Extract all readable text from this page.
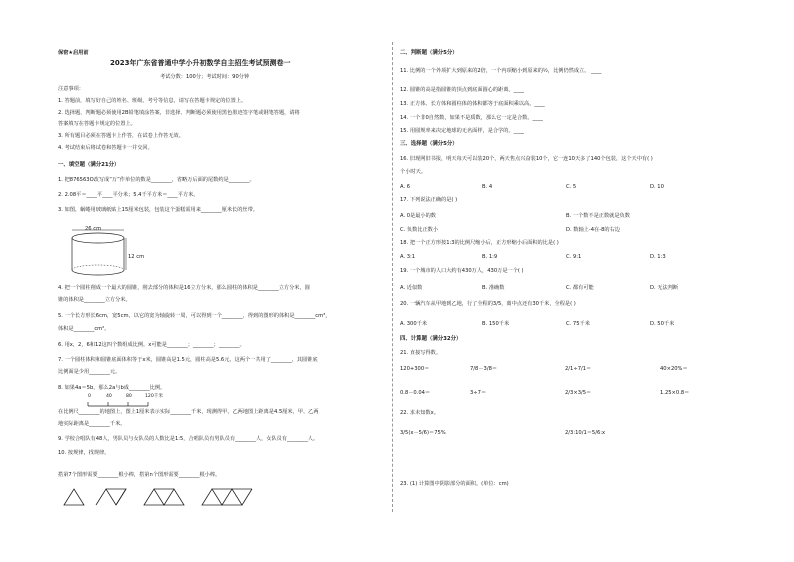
保密★启用前
2023年广东省普通中学小升初数学自主招生考试预测卷一
考试分数：100分；考试时间：90分钟
注意事项：
1. 答题前，填写好自己的姓名、班级、考号等信息，请写在答题卡规定的位置上。
2. 选择题、判断题必须使用2B铅笔填涂答案，非选择、判断题必须使用黑色墨迹签字笔或钢笔答题，请将
答案填写在答题卡规定的位置上。
3. 所有题目必须在答题卡上作答，在试卷上作答无效。
4. 考试结束后将试卷和答题卡一并交回。
一、填空题（满分21分）
1. 把876563O改写成“万”作单位的数是________，省略万后面的尾数约是________。
2. 2.08平＝____平____平分米；5.4千平方米＝____平方米。
3. 如图，蜗蜷用玻璃纸贴上15厘米包装，包装这个蛋糕需用来________厘米长的丝带。
26 cm
12 cm
4. 把一个圆柱削成一个最大的圆锥，削去部分的体积是16立方分米，那么圆柱的体积是________立方分米，圆
锥的体积是________立方分米。
5. 一个长方形长6cm，宽5cm，以它的宽为轴旋转一周，可以得到一个________，得到的图形的体积是________cm³，
体积是________cm²。
6. 用x，2，6和12这四个数组成比例，x可能是________；________；________。
7. 一个圆柱体积和圆锥底面体积等于x米，圆锥高是1.5元，圆柱高是5.6元，这两个一共用了________，其圆锥底
比例面是少用________元。
8. 如果4a＝5b，那么2a与b成________比例。
0	40	80	120千米
在比例尺________的地图上，图上1厘米表示实际________千米，现测得甲、乙两地图上距离是4.5厘米，甲、乙两
地实际距离是________千米。
9. 学校合唱队有48人，男队员与女队员的人数比是1:5，合唱队员有男队员有________人，女队员有________人。
10. 按规律，找规律。
搭第7个图形需要________根小棒，搭第n个图形需要________根小棒。
二、判断题（满分5分）
11. 比例的一个外项扩大到原来的2倍，一个内项缩小到原来的½，比例仍然成立。 ____
12. 圆锥的高是指圆锥的顶点到底面圆心的距离。____
13. 正方体、长方体和圆柱体的体积都等于底面积乘以高。____
14. 一个非0自然数，如果不是质数，那么它一定是合数。____
15. 用圆规率来决定地球的无名面样，是合学的。____
三、选择题（满分5分）
16. 旧现网旧书报，明天每天可以装20个，两天售点兴奋装10个，它一连10天多了140个包装，这个天中有( )
个小时天。
A. 6	B. 4	C. 5	D. 10
17. 下列说法正确的是( )
A. 0是最小的数	B. 一个数不是正数就是负数
C. 负数比正数小	D. 数轴上-4在-8的右边
18. 把一个正方形按1:3的比例尺缩小后，正方形缩小后面积的比是( )
A. 3:1	B. 1:9	C. 9:1	D. 1:3
19. 一个城市的人口大约有430万人，430万是一个( )
A. 近似数	B. 准确数	C. 都有可能	D. 无法判断
20. 一辆汽车从甲地到乙地，行了全程的3/5，离中点还有30千米，全程是( )
A. 300千米	B. 150千米	C. 75千米	D. 50千米
四、计算题（满分32分）
21. 直接写得数。
120+300＝	7/8－3/8＝	2/1÷7/1＝	40×20%＝
0.8－0.04＝	3÷7＝	2/3×3/5＝	1.25×0.8＝
22. 求未知数x。
3/5(x－5/6)＝75%	2/3:10/1＝5/6:x
23. (1) 计算图中阴影部分的面积。(单位：cm)
